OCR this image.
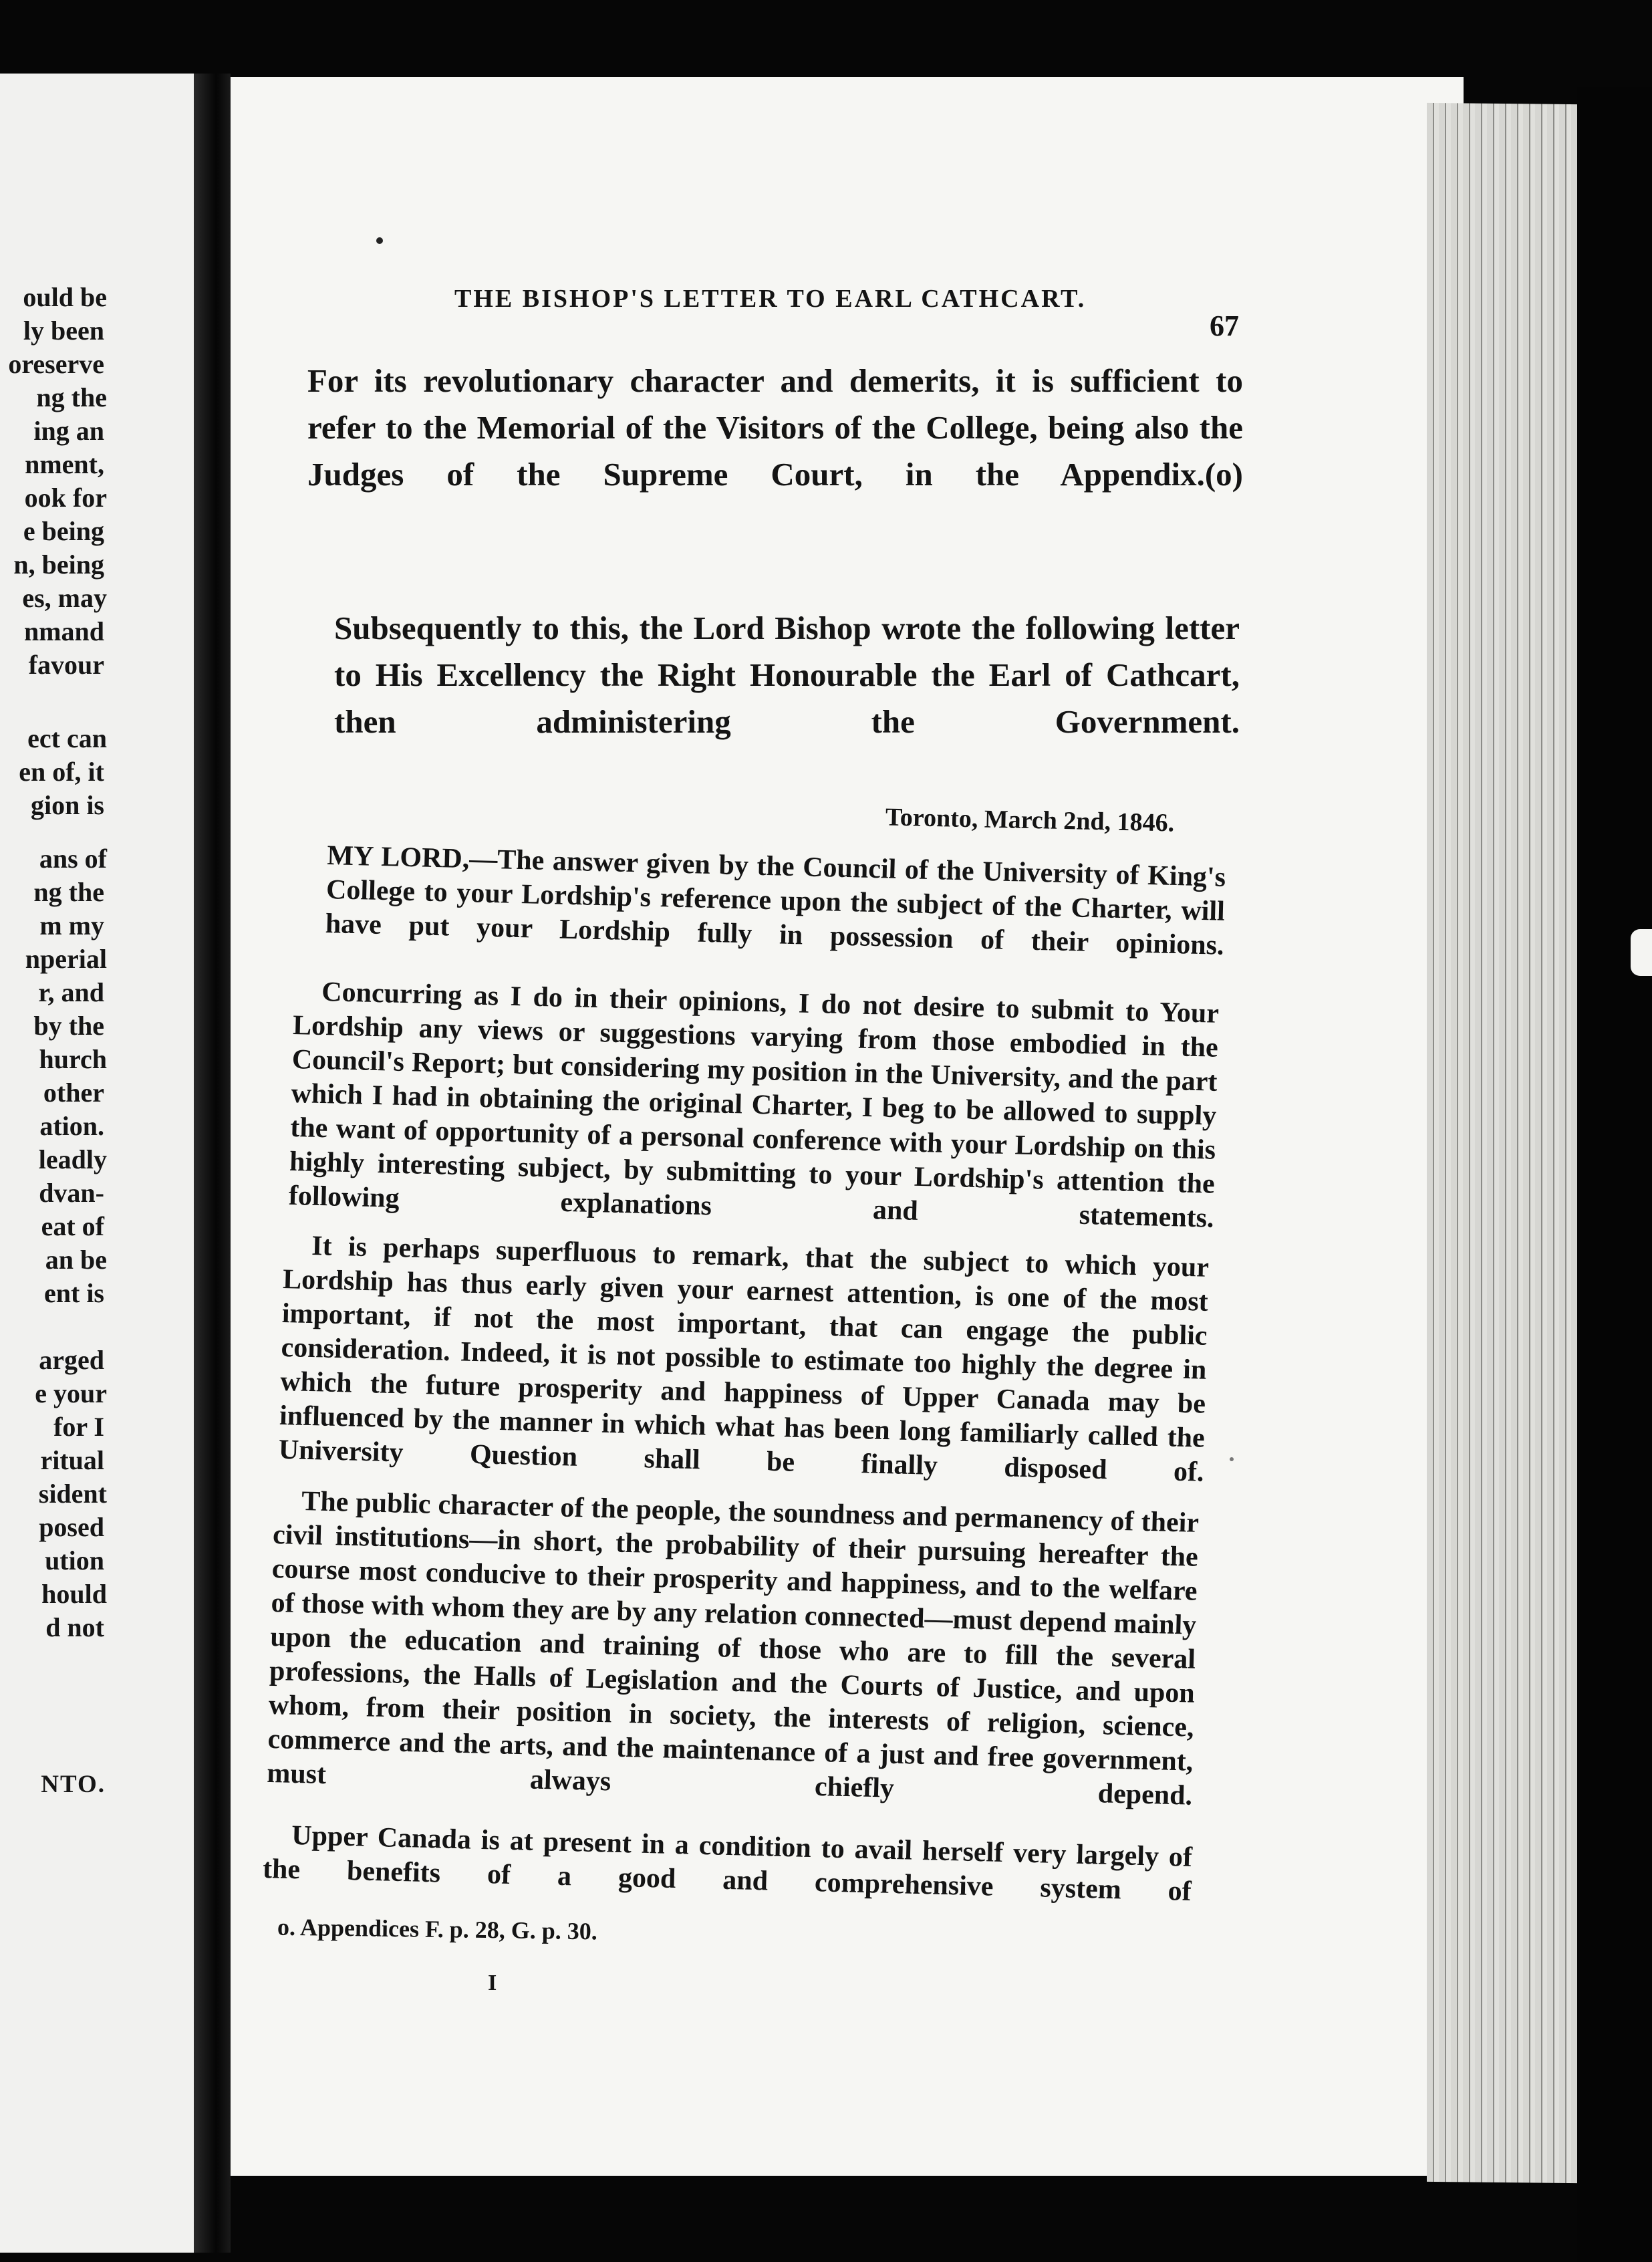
ould be
ly been
oreserve
ng the
ing an
nment,
ook for
e being
n, being
es, may
nmand
favour
ect can
en of, it
gion is
ans of
ng the
m my
nperial
r, and
by the
hurch
other
ation.
leadly
dvan-
eat of
an be
ent is
arged
e your
for I
ritual
sident
posed
ution
hould
d not
NTO.
THE BISHOP'S LETTER TO EARL CATHCART.
67

For its revolutionary character and demerits, it is sufficient to refer to the Memorial of the Visitors of the College, being also the Judges of the Supreme Court, in the Appendix.(o)

Subsequently to this, the Lord Bishop wrote the following letter to His Excellency the Right Honourable the Earl of Cathcart, then administering the Government.

Toronto, March 2nd, 1846.

MY LORD,—The answer given by the Council of the University of King's College to your Lordship's reference upon the subject of the Charter, will have put your Lordship fully in possession of their opinions.

Concurring as I do in their opinions, I do not desire to submit to Your Lordship any views or suggestions varying from those embodied in the Council's Report; but considering my position in the University, and the part which I had in obtaining the original Charter, I beg to be allowed to supply the want of opportunity of a personal conference with your Lordship on this highly interesting subject, by submitting to your Lordship's attention the following explanations and statements.

It is perhaps superfluous to remark, that the subject to which your Lordship has thus early given your earnest attention, is one of the most important, if not the most important, that can engage the public consideration. Indeed, it is not possible to estimate too highly the degree in which the future prosperity and happiness of Upper Canada may be influenced by the manner in which what has been long familiarly called the University Question shall be finally disposed of.

The public character of the people, the soundness and permanency of their civil institutions—in short, the probability of their pursuing hereafter the course most conducive to their prosperity and happiness, and to the welfare of those with whom they are by any relation connected—must depend mainly upon the education and training of those who are to fill the several professions, the Halls of Legislation and the Courts of Justice, and upon whom, from their position in society, the interests of religion, science, commerce and the arts, and the maintenance of a just and free government, must always chiefly depend.

Upper Canada is at present in a condition to avail herself very largely of the benefits of a good and comprehensive system of

o. Appendices F. p. 28, G. p. 30.
I
